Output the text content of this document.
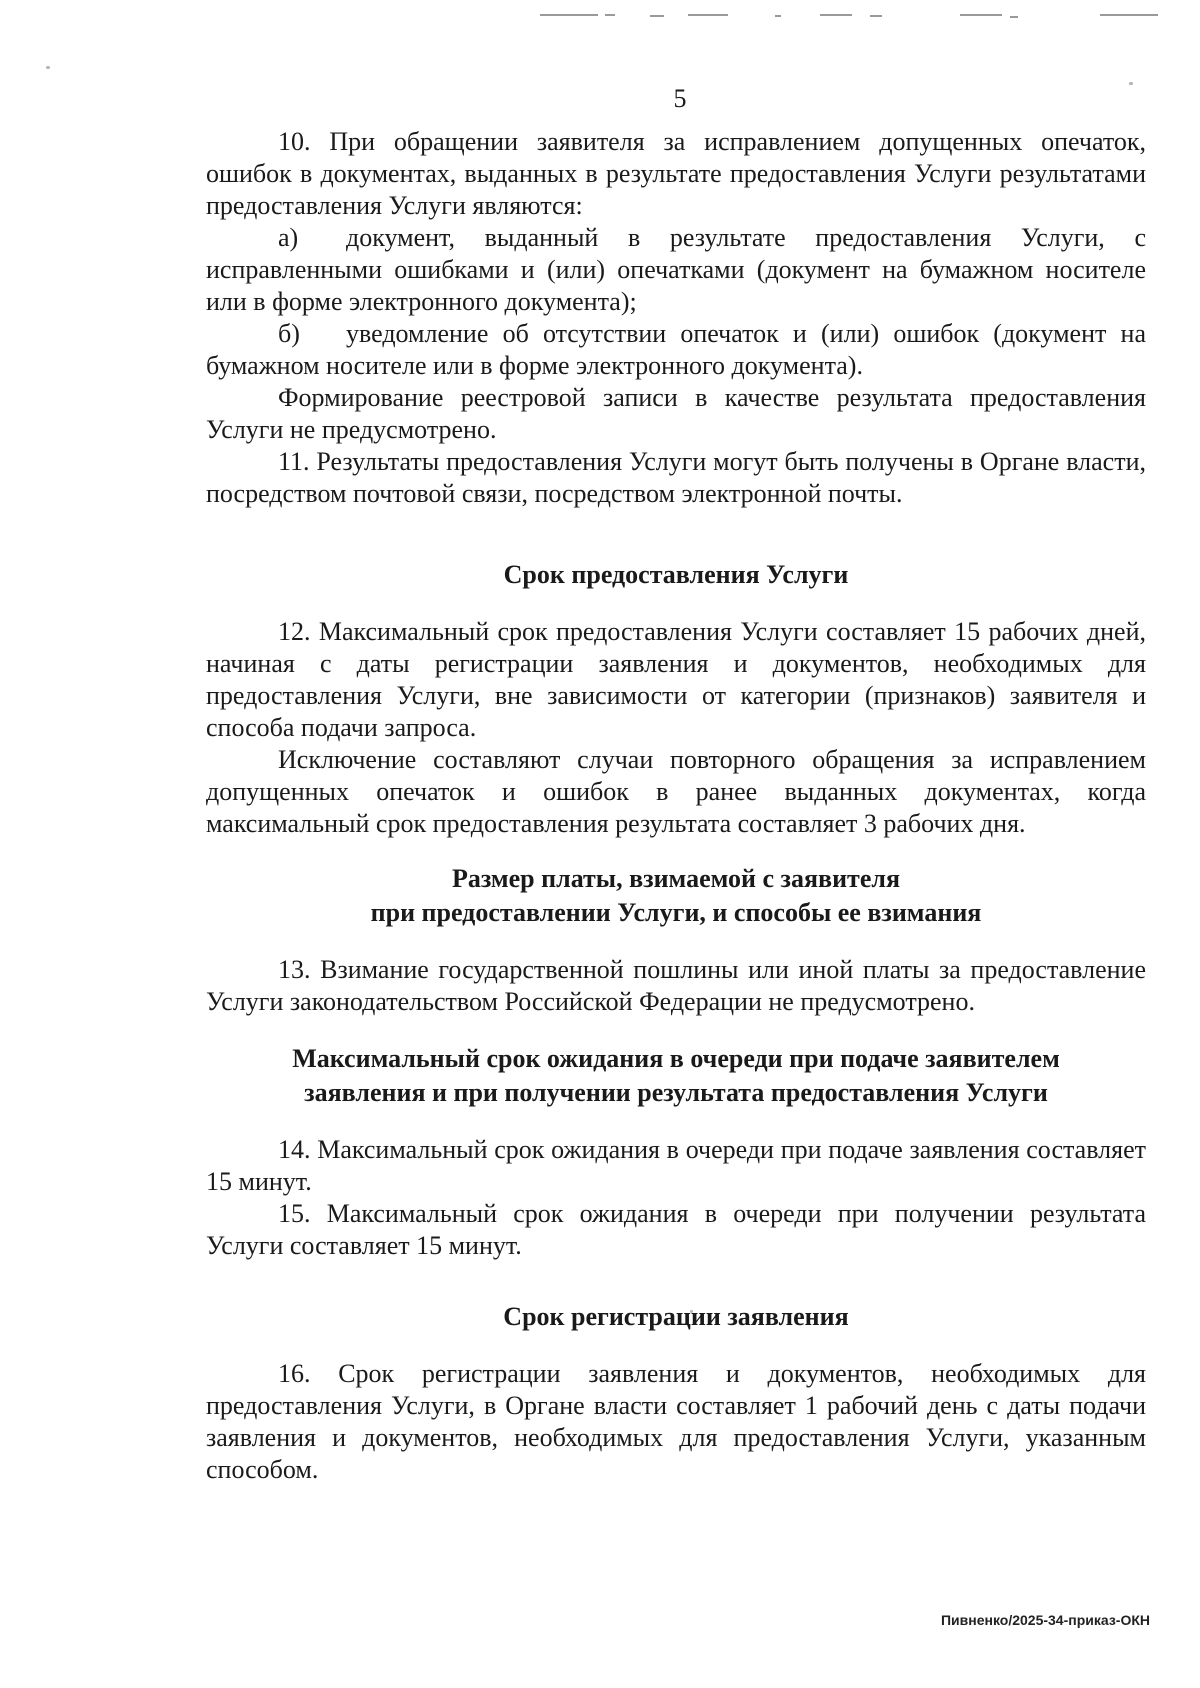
5

10. При обращении заявителя за исправлением допущенных опечаток, ошибок в документах, выданных в результате предоставления Услуги результатами предоставления Услуги являются:

а) документ, выданный в результате предоставления Услуги, с исправленными ошибками и (или) опечатками (документ на бумажном носителе или в форме электронного документа);

б) уведомление об отсутствии опечаток и (или) ошибок (документ на бумажном носителе или в форме электронного документа).

Формирование реестровой записи в качестве результата предоставления Услуги не предусмотрено.

11. Результаты предоставления Услуги могут быть получены в Органе власти, посредством почтовой связи, посредством электронной почты.

Срок предоставления Услуги

12. Максимальный срок предоставления Услуги составляет 15 рабочих дней, начиная с даты регистрации заявления и документов, необходимых для предоставления Услуги, вне зависимости от категории (признаков) заявителя и способа подачи запроса.

Исключение составляют случаи повторного обращения за исправлением допущенных опечаток и ошибок в ранее выданных документах, когда максимальный срок предоставления результата составляет 3 рабочих дня.

Размер платы, взимаемой с заявителя

при предоставлении Услуги, и способы ее взимания

13. Взимание государственной пошлины или иной платы за предоставление Услуги законодательством Российской Федерации не предусмотрено.

Максимальный срок ожидания в очереди при подаче заявителем

заявления и при получении результата предоставления Услуги

14. Максимальный срок ожидания в очереди при подаче заявления составляет 15 минут.

15. Максимальный срок ожидания в очереди при получении результата Услуги составляет 15 минут.

Срок регистрации заявления

16. Срок регистрации заявления и документов, необходимых для предоставления Услуги, в Органе власти составляет 1 рабочий день с даты подачи заявления и документов, необходимых для предоставления Услуги, указанным способом.

Пивненко/2025-34-приказ-ОКН
